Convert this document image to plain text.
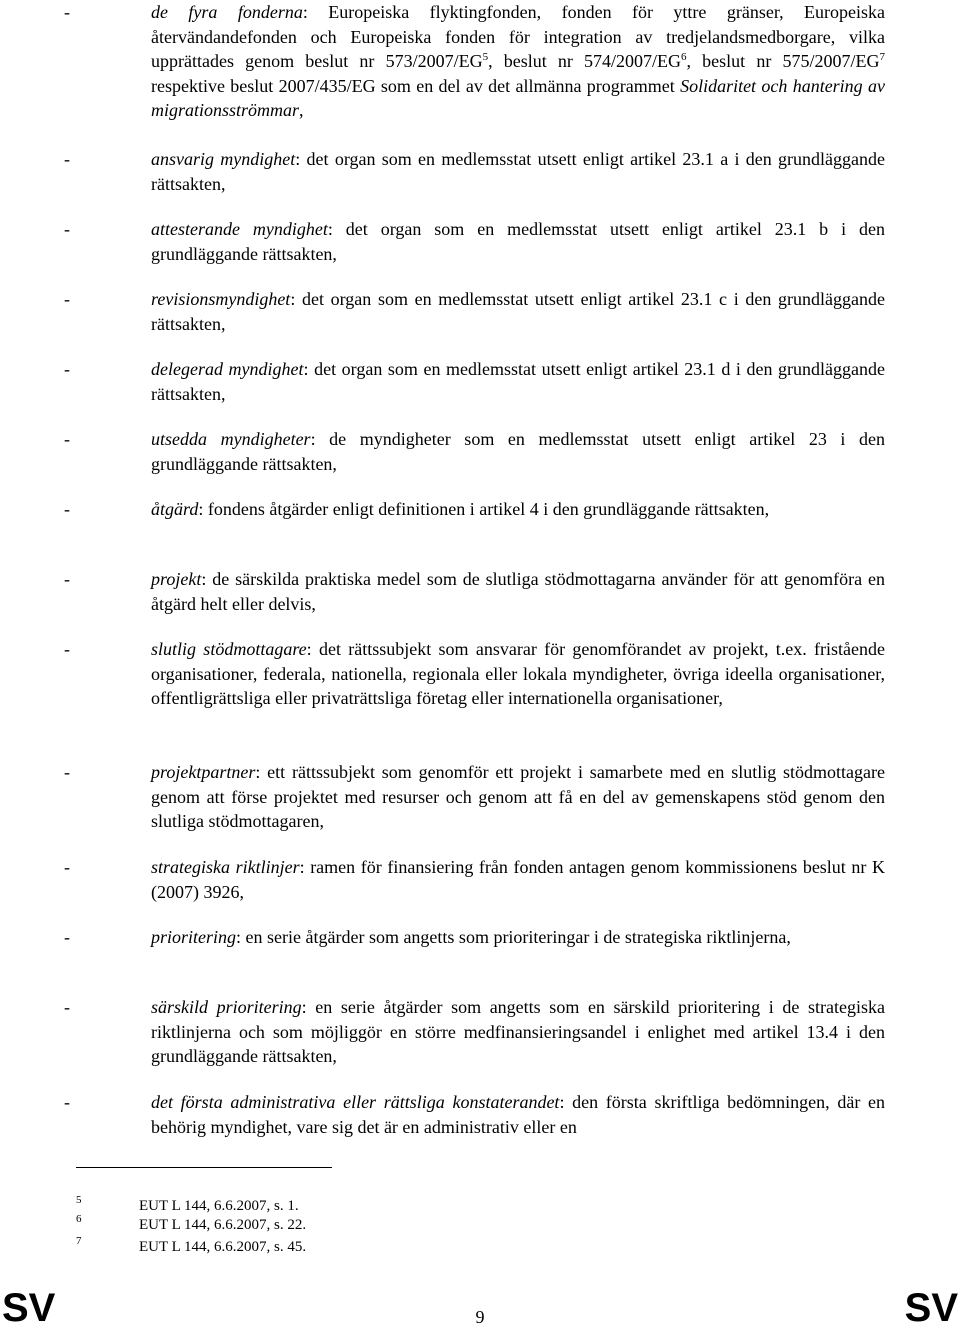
-	de fyra fonderna: Europeiska flyktingfonden, fonden för yttre gränser, Europeiska återvändandefonden och Europeiska fonden för integration av tredjelandsmedborgare, vilka upprättades genom beslut nr $573/2007/EG^5$, beslut nr $574/2007/EG^6$, beslut nr $575/2007/EG^7$ respektive beslut 2007/435/EG som en del av det allmänna programmet Solidaritet och hantering av migrationsströmmar,
-	ansvarig myndighet: det organ som en medlemsstat utsett enligt artikel 23.1 a i den grundläggande rättsakten,
-	attesterande myndighet: det organ som en medlemsstat utsett enligt artikel 23.1 b i den grundläggande rättsakten,
-	revisionsmyndighet: det organ som en medlemsstat utsett enligt artikel 23.1 c i den grundläggande rättsakten,
-	delegerad myndighet: det organ som en medlemsstat utsett enligt artikel 23.1 d i den grundläggande rättsakten,
-	utsedda myndigheter: de myndigheter som en medlemsstat utsett enligt artikel 23 i den grundläggande rättsakten,
-	åtgärd: fondens åtgärder enligt definitionen i artikel 4 i den grundläggande rättsakten,
-	projekt: de särskilda praktiska medel som de slutliga stödmottagarna använder för att genomföra en åtgärd helt eller delvis,
-	slutlig stödmottagare: det rättssubjekt som ansvarar för genomförandet av projekt, t.ex. fristående organisationer, federala, nationella, regionala eller lokala myndigheter, övriga ideella organisationer, offentligrättsliga eller privaträttsliga företag eller internationella organisationer,
-	projektpartner: ett rättssubjekt som genomför ett projekt i samarbete med en slutlig stödmottagare genom att förse projektet med resurser och genom att få en del av gemenskapens stöd genom den slutliga stödmottagaren,
-	strategiska riktlinjer: ramen för finansiering från fonden antagen genom kommissionens beslut nr K (2007) 3926,
-	prioritering: en serie åtgärder som angetts som prioriteringar i de strategiska riktlinjerna,
-	särskild prioritering: en serie åtgärder som angetts som en särskild prioritering i de strategiska riktlinjerna och som möjliggör en större medfinansieringsandel i enlighet med artikel 13.4 i den grundläggande rättsakten,
-	det första administrativa eller rättsliga konstaterandet: den första skriftliga bedömningen, där en behörig myndighet, vare sig det är en administrativ eller en
5	EUT L 144, 6.6.2007, s. 1.
6	EUT L 144, 6.6.2007, s. 22.
7	EUT L 144, 6.6.2007, s. 45.
SV	9	SV
